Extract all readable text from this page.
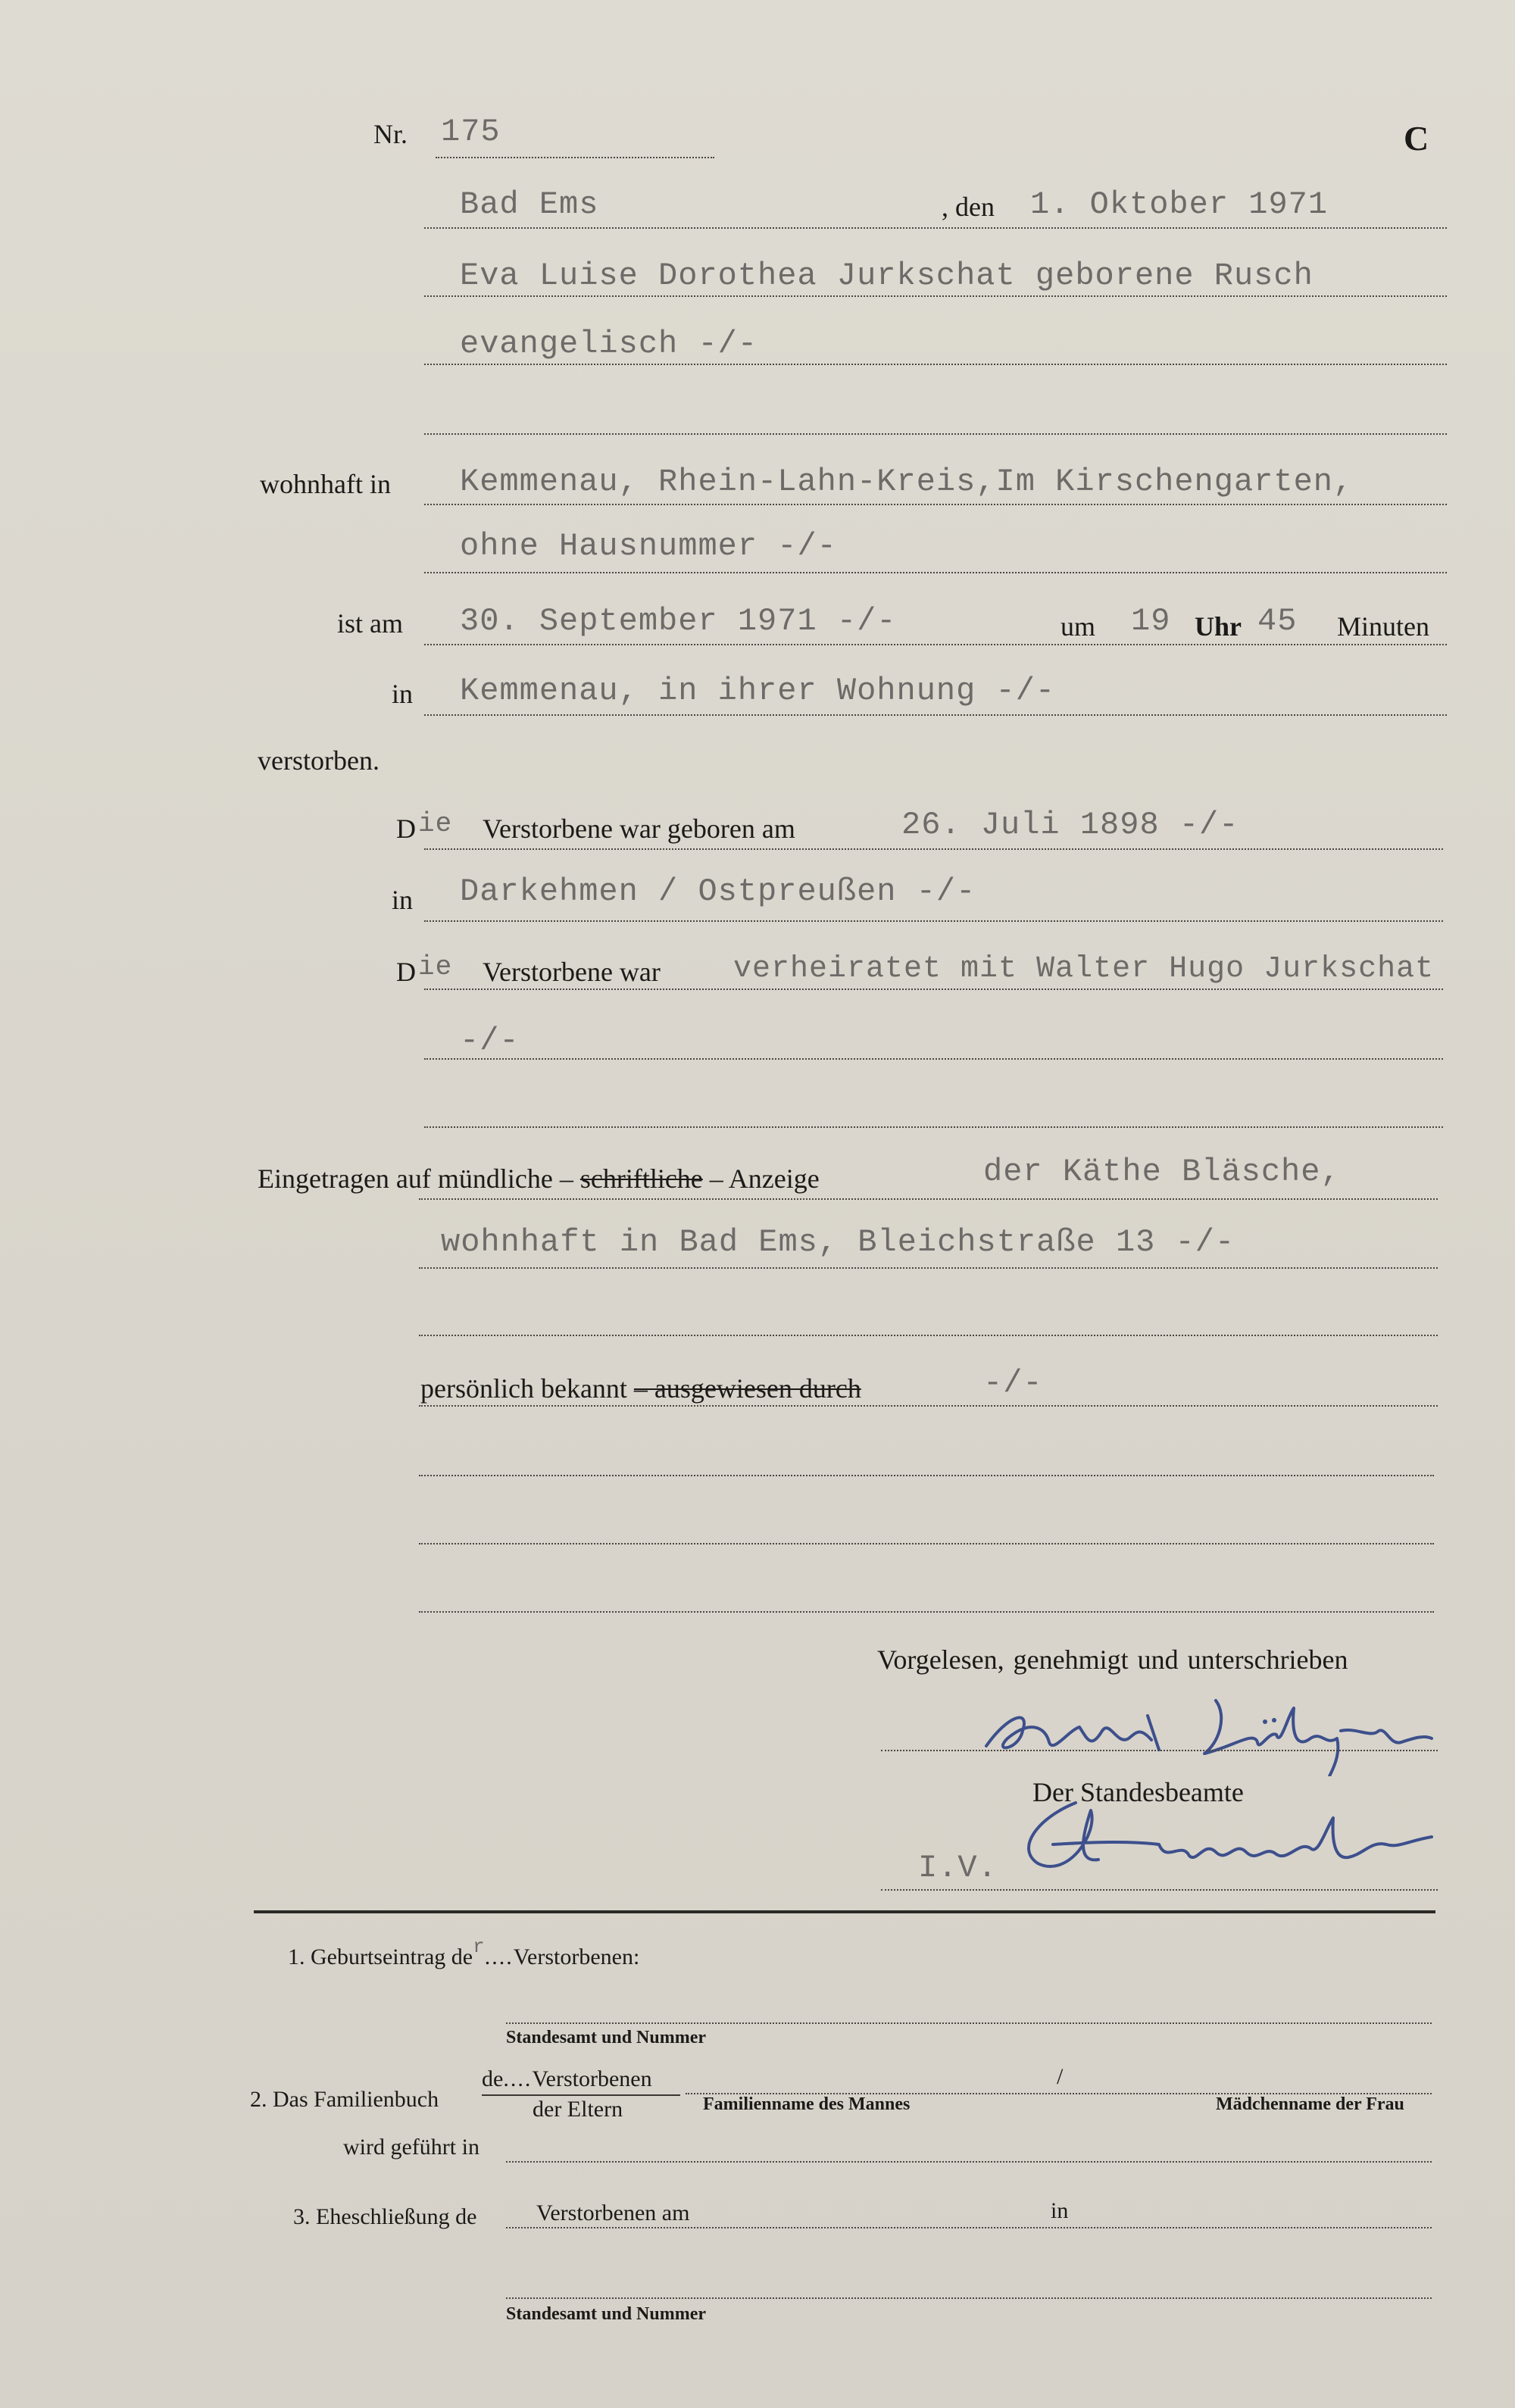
Nr. 175	C
Bad Ems	, den 1. Oktober 1971
Eva Luise Dorothea Jurkschat geborene Rusch
evangelisch -/-
wohnhaft in Kemmenau, Rhein-Lahn-Kreis,Im Kirschengarten,
ohne Hausnummer -/-
ist am 30. September 1971 -/-	um 19 Uhr 45 Minuten
in Kemmenau, in ihrer Wohnung -/-
verstorben.
D ie Verstorbene war geboren am	26. Juli 1898 -/-
in Darkehmen / Ostpreußen -/-
D ie Verstorbene war verheiratet mit Walter Hugo Jurkschat
-/-
Eingetragen auf mündliche – schriftliche – Anzeige	der Käthe Bläsche,
wohnhaft in Bad Ems, Bleichstraße 13 -/-
persönlich bekannt – ausgewiesen durch	-/-
Vorgelesen, genehmigt und unterschrieben
Der Standesbeamte
I.V.
1. Geburtseintrag der....Verstorbenen:
Standesamt und Nummer
2. Das Familienbuch
de....Verstorbenen
der Eltern
/
Familienname des Mannes	Mädchenname der Frau
wird geführt in
3. Eheschließung de	Verstorbenen am	in
Standesamt und Nummer
